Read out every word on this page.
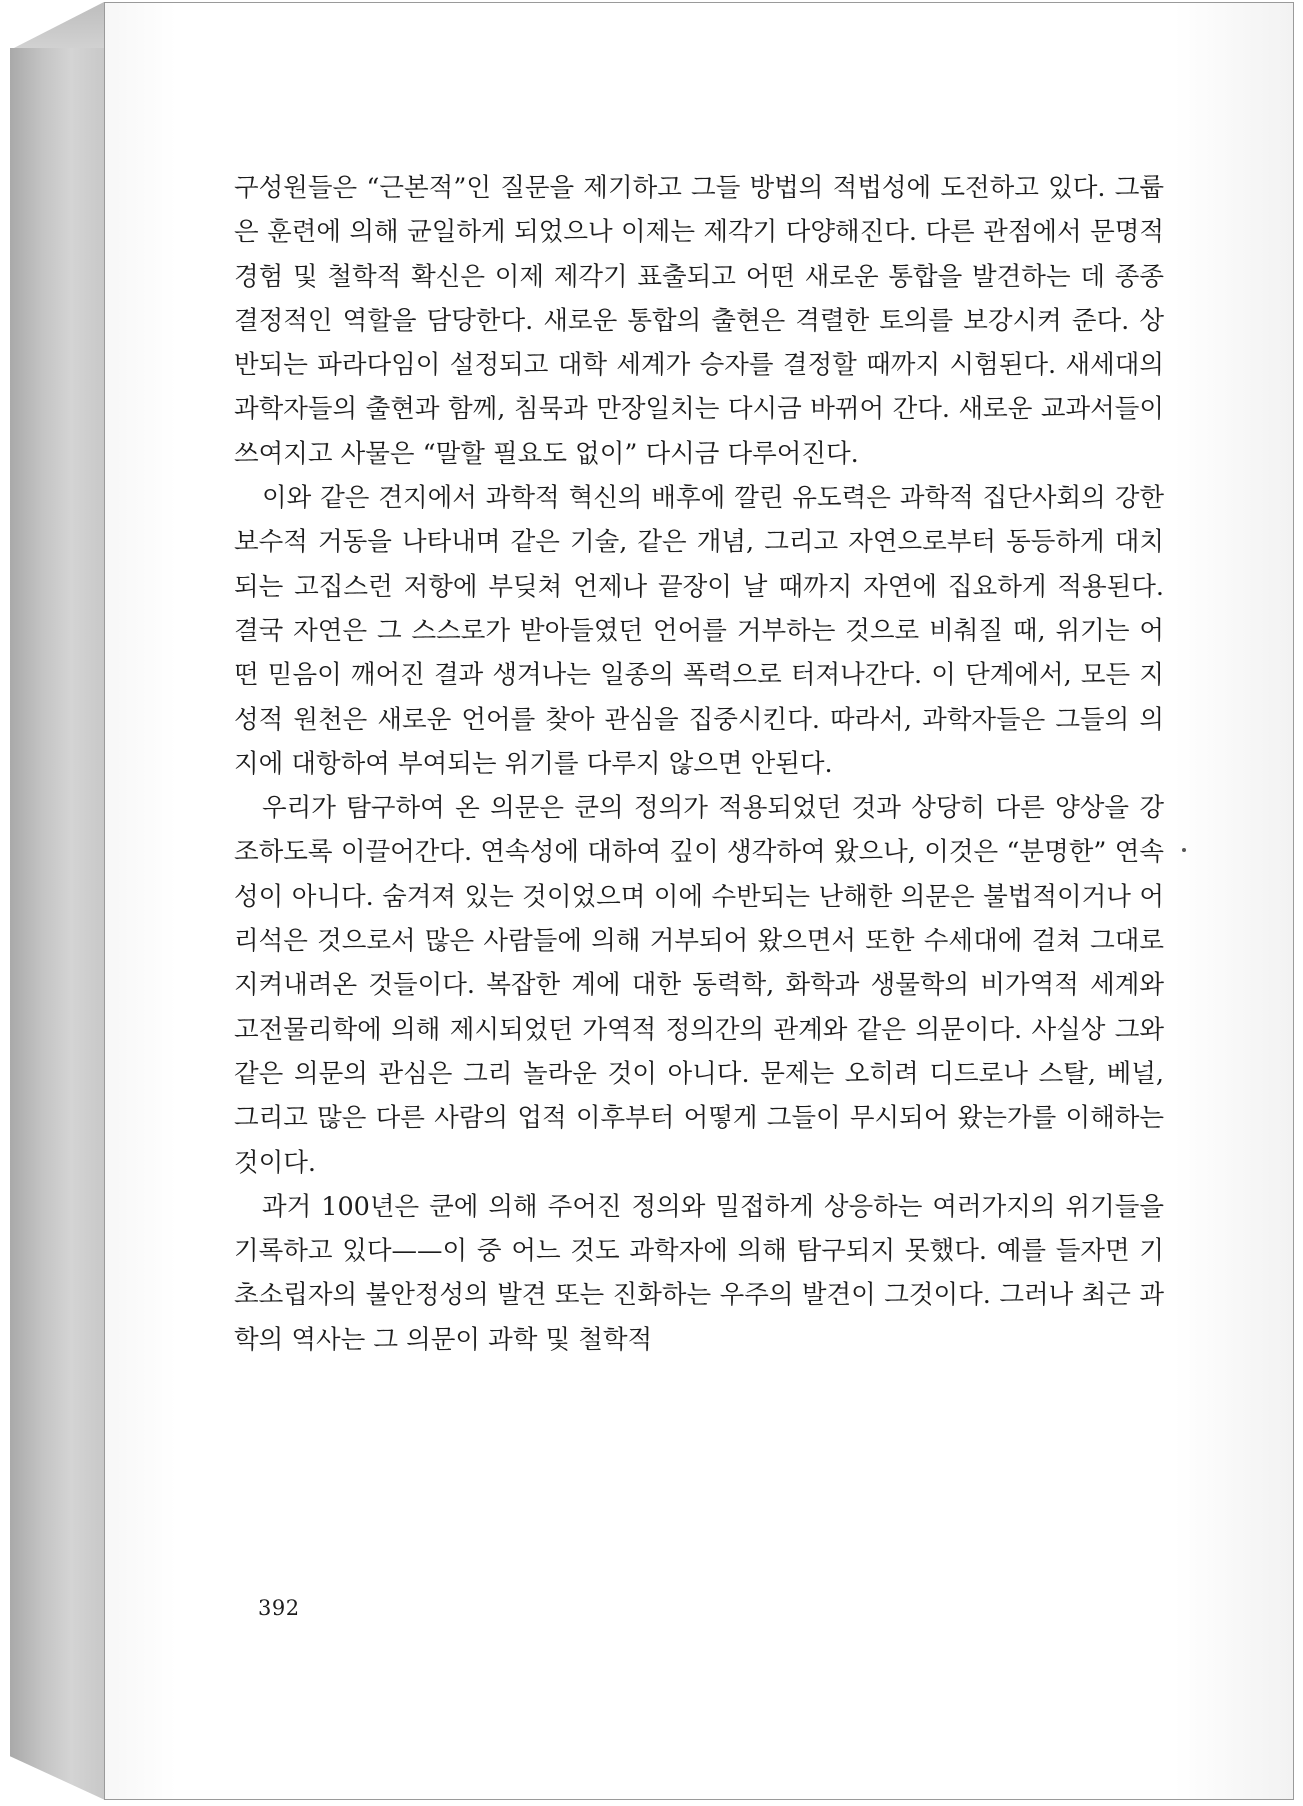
구성원들은 “근본적”인 질문을 제기하고 그들 방법의 적법성에 도전하고 있다. 그룹은 훈련에 의해 균일하게 되었으나 이제는 제각기 다양해진다. 다른 관점에서 문명적 경험 및 철학적 확신은 이제 제각기 표출되고 어떤 새로운 통합을 발견하는 데 종종 결정적인 역할을 담당한다. 새로운 통합의 출현은 격렬한 토의를 보강시켜 준다. 상반되는 파라다임이 설정되고 대학 세계가 승자를 결정할 때까지 시험된다. 새세대의 과학자들의 출현과 함께, 침묵과 만장일치는 다시금 바뀌어 간다. 새로운 교과서들이 쓰여지고 사물은 “말할 필요도 없이” 다시금 다루어진다.

이와 같은 견지에서 과학적 혁신의 배후에 깔린 유도력은 과학적 집단사회의 강한 보수적 거동을 나타내며 같은 기술, 같은 개념, 그리고 자연으로부터 동등하게 대치되는 고집스런 저항에 부딪쳐 언제나 끝장이 날 때까지 자연에 집요하게 적용된다. 결국 자연은 그 스스로가 받아들였던 언어를 거부하는 것으로 비춰질 때, 위기는 어떤 믿음이 깨어진 결과 생겨나는 일종의 폭력으로 터져나간다. 이 단계에서, 모든 지성적 원천은 새로운 언어를 찾아 관심을 집중시킨다. 따라서, 과학자들은 그들의 의지에 대항하여 부여되는 위기를 다루지 않으면 안된다.

우리가 탐구하여 온 의문은 쿤의 정의가 적용되었던 것과 상당히 다른 양상을 강조하도록 이끌어간다. 연속성에 대하여 깊이 생각하여 왔으나, 이것은 “분명한” 연속성이 아니다. 숨겨져 있는 것이었으며 이에 수반되는 난해한 의문은 불법적이거나 어리석은 것으로서 많은 사람들에 의해 거부되어 왔으면서 또한 수세대에 걸쳐 그대로 지켜내려온 것들이다. 복잡한 계에 대한 동력학, 화학과 생물학의 비가역적 세계와 고전물리학에 의해 제시되었던 가역적 정의간의 관계와 같은 의문이다. 사실상 그와 같은 의문의 관심은 그리 놀라운 것이 아니다. 문제는 오히려 디드로나 스탈, 베널, 그리고 많은 다른 사람의 업적 이후부터 어떻게 그들이 무시되어 왔는가를 이해하는 것이다.

과거 100년은 쿤에 의해 주어진 정의와 밀접하게 상응하는 여러가지의 위기들을 기록하고 있다——이 중 어느 것도 과학자에 의해 탐구되지 못했다. 예를 들자면 기초소립자의 불안정성의 발견 또는 진화하는 우주의 발견이 그것이다. 그러나 최근 과학의 역사는 그 의문이 과학 및 철학적

392
